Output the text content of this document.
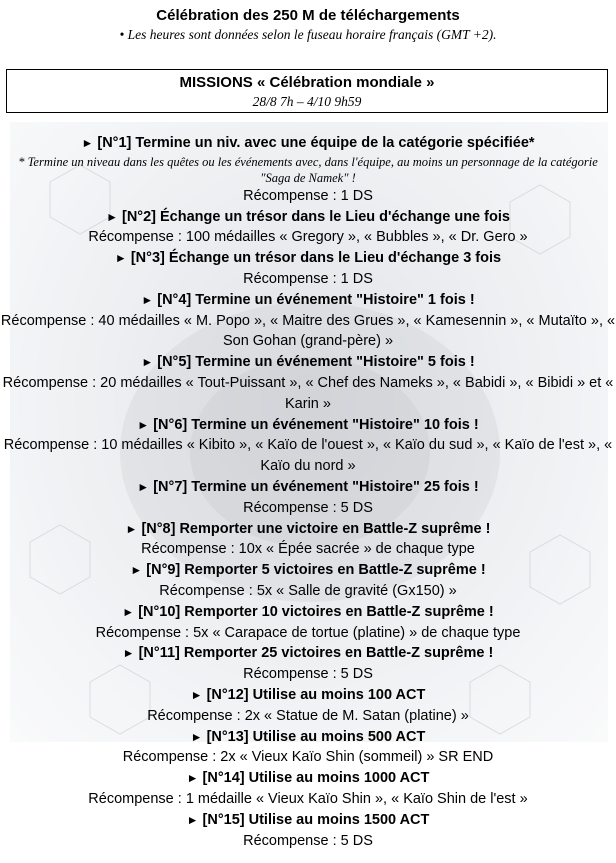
Célébration des 250 M de téléchargements
• Les heures sont données selon le fuseau horaire français (GMT +2).
MISSIONS « Célébration mondiale »
28/8 7h – 4/10 9h59
► [N°1] Termine un niv. avec une équipe de la catégorie spécifiée*
* Termine un niveau dans les quêtes ou les événements avec, dans l'équipe, au moins un personnage de la catégorie "Saga de Namek" !
Récompense : 1 DS
► [N°2] Échange un trésor dans le Lieu d'échange une fois
Récompense : 100 médailles « Gregory », « Bubbles », « Dr. Gero »
► [N°3] Échange un trésor dans le Lieu d'échange 3 fois
Récompense : 1 DS
► [N°4] Termine un événement "Histoire" 1 fois !
Récompense : 40 médailles « M. Popo », « Maitre des Grues », « Kamesennin », « Mutaïto », « Son Gohan (grand-père) »
► [N°5] Termine un événement "Histoire" 5 fois !
Récompense : 20 médailles « Tout-Puissant », « Chef des Nameks », « Babidi », « Bibidi » et « Karin »
► [N°6] Termine un événement "Histoire" 10 fois !
Récompense : 10 médailles « Kibito », « Kaïo de l'ouest », « Kaïo du sud », « Kaïo de l'est », « Kaïo du nord »
► [N°7] Termine un événement "Histoire" 25 fois !
Récompense : 5 DS
► [N°8] Remporter une victoire en Battle-Z suprême !
Récompense : 10x « Épée sacrée » de chaque type
► [N°9] Remporter 5 victoires en Battle-Z suprême !
Récompense : 5x « Salle de gravité (Gx150) »
► [N°10] Remporter 10 victoires en Battle-Z suprême !
Récompense : 5x « Carapace de tortue (platine) » de chaque type
► [N°11] Remporter 25 victoires en Battle-Z suprême !
Récompense : 5 DS
► [N°12] Utilise au moins 100 ACT
Récompense : 2x « Statue de M. Satan (platine) »
► [N°13] Utilise au moins 500 ACT
Récompense : 2x « Vieux Kaïo Shin (sommeil) » SR END
► [N°14] Utilise au moins 1000 ACT
Récompense : 1 médaille « Vieux Kaïo Shin », « Kaïo Shin de l'est »
► [N°15] Utilise au moins 1500 ACT
Récompense : 5 DS
